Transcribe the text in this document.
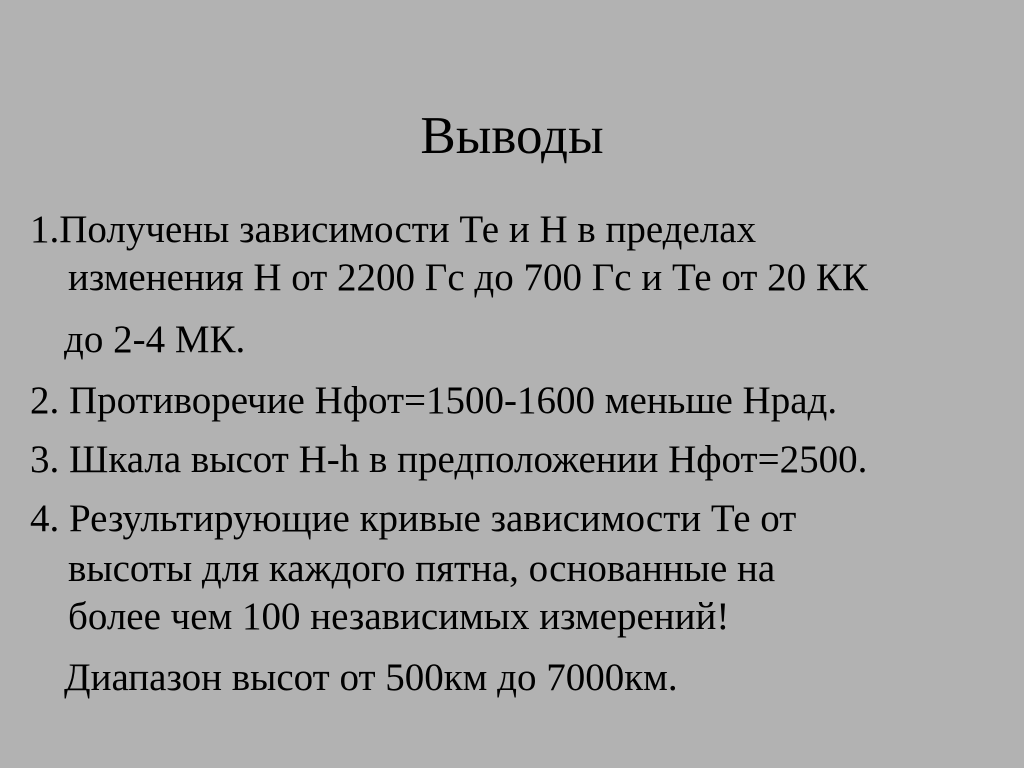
Выводы
1.Получены зависимости Те и Н в пределах
изменения Н от 2200 Гс до 700 Гс и Те от 20 КК
до 2-4 МК.
2. Противоречие Нфот=1500-1600 меньше Нрад.
3. Шкала высот Н-h в предположении Нфот=2500.
4. Результирующие кривые зависимости Те от
высоты для каждого пятна, основанные на
более чем 100 независимых измерений!
Диапазон высот от 500км до 7000км.
